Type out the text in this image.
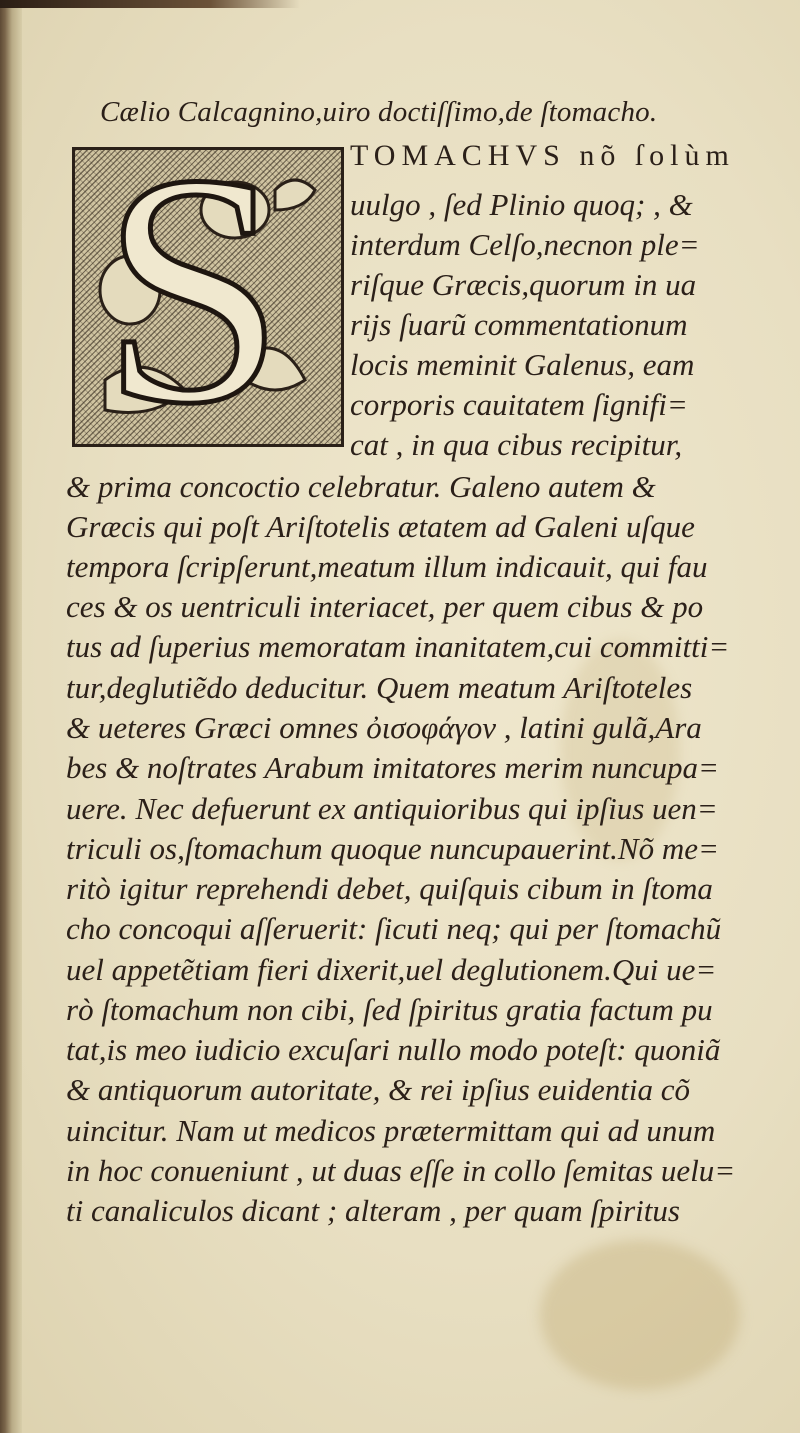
Cælio Calcagnino,uiro doctiſſimo,de ſtomacho.
S TOMACHVS nõ ſolùm
uulgo , ſed Plinio quoq; , &
interdum Celſo,necnon ple=
riſque Græcis,quorum in ua
rijs ſuarũ commentationum
locis meminit Galenus, eam
corporis cauitatem ſignifi=
cat , in qua cibus recipitur,
& prima concoctio celebratur. Galeno autem &
Græcis qui poſt Ariſtotelis ætatem ad Galeni uſque
tempora ſcripſerunt,meatum illum indicauit, qui fau
ces & os uentriculi interiacet, per quem cibus & po
tus ad ſuperius memoratam inanitatem,cui committi=
tur,deglutiẽdo deducitur. Quem meatum Ariſtoteles
& ueteres Græci omnes ὀισοφάγον , latini gulã,Ara
bes & noſtrates Arabum imitatores merim nuncupa=
uere. Nec defuerunt ex antiquioribus qui ipſius uen=
triculi os,ſtomachum quoque nuncupauerint.Nõ me=
ritò igitur reprehendi debet, quiſquis cibum in ſtoma
cho concoqui aſſeruerit: ſicuti neq; qui per ſtomachũ
uel appetẽtiam fieri dixerit,uel deglutionem.Qui ue=
rò ſtomachum non cibi, ſed ſpiritus gratia factum pu
tat,is meo iudicio excuſari nullo modo poteſt: quoniã
& antiquorum autoritate, & rei ipſius euidentia cõ
uincitur. Nam ut medicos prætermittam qui ad unum
in hoc conueniunt , ut duas eſſe in collo ſemitas uelu=
ti canaliculos dicant ; alteram , per quam ſpiritus
